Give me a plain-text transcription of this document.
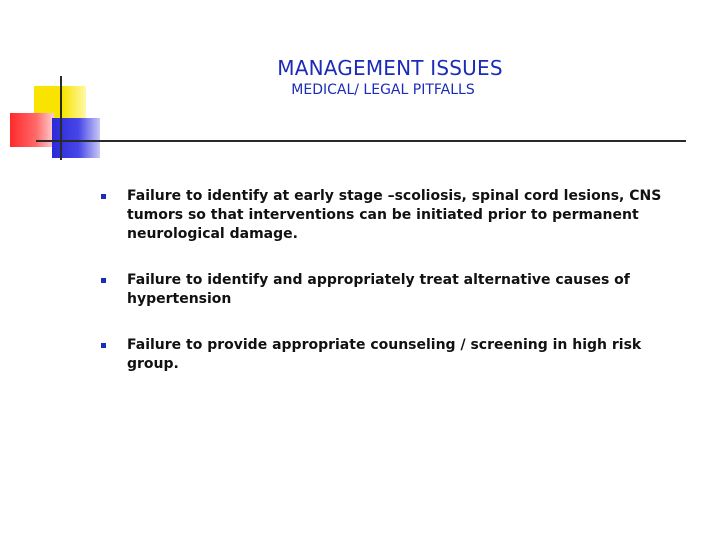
MANAGEMENT ISSUES
MEDICAL/ LEGAL PITFALLS
Failure to identify at early stage –scoliosis, spinal cord lesions, CNS tumors so that interventions can be initiated prior to permanent neurological damage.
Failure to identify and appropriately treat alternative causes of hypertension
Failure to provide appropriate counseling / screening in high risk group.
